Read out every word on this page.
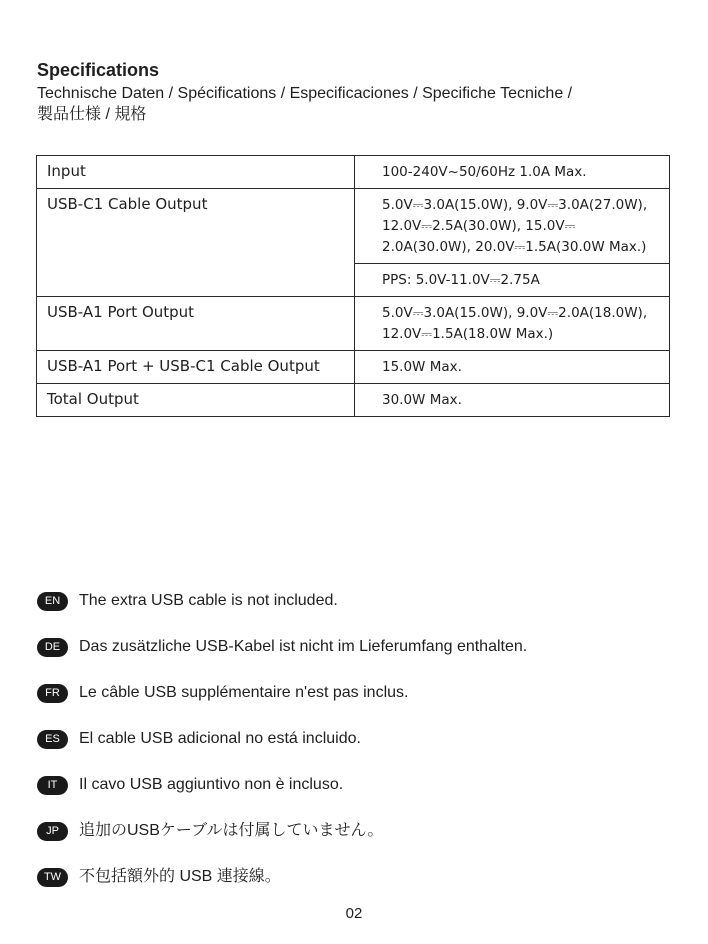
Specifications

Technische Daten / Spécifications / Especificaciones / Specifiche Tecniche /
製品仕様 / 規格

Input	100-240V~50/60Hz 1.0A Max.

USB-C1 Cable Output	5.0V⎓3.0A(15.0W), 9.0V⎓3.0A(27.0W),
12.0V⎓2.5A(30.0W), 15.0V⎓
2.0A(30.0W), 20.0V⎓1.5A(30.0W Max.)

	PPS: 5.0V-11.0V⎓2.75A

USB-A1 Port Output	5.0V⎓3.0A(15.0W), 9.0V⎓2.0A(18.0W),
12.0V⎓1.5A(18.0W Max.)

USB-A1 Port + USB-C1 Cable Output	15.0W Max.

Total Output	30.0W Max.
EN	The extra USB cable is not included.
DE	Das zusätzliche USB-Kabel ist nicht im Lieferumfang enthalten.
FR	Le câble USB supplémentaire n'est pas inclus.
ES	El cable USB adicional no está incluido.
IT	Il cavo USB aggiuntivo non è incluso.
JP	追加のUSBケーブルは付属していません。
TW	不包括額外的 USB 連接線。
02
